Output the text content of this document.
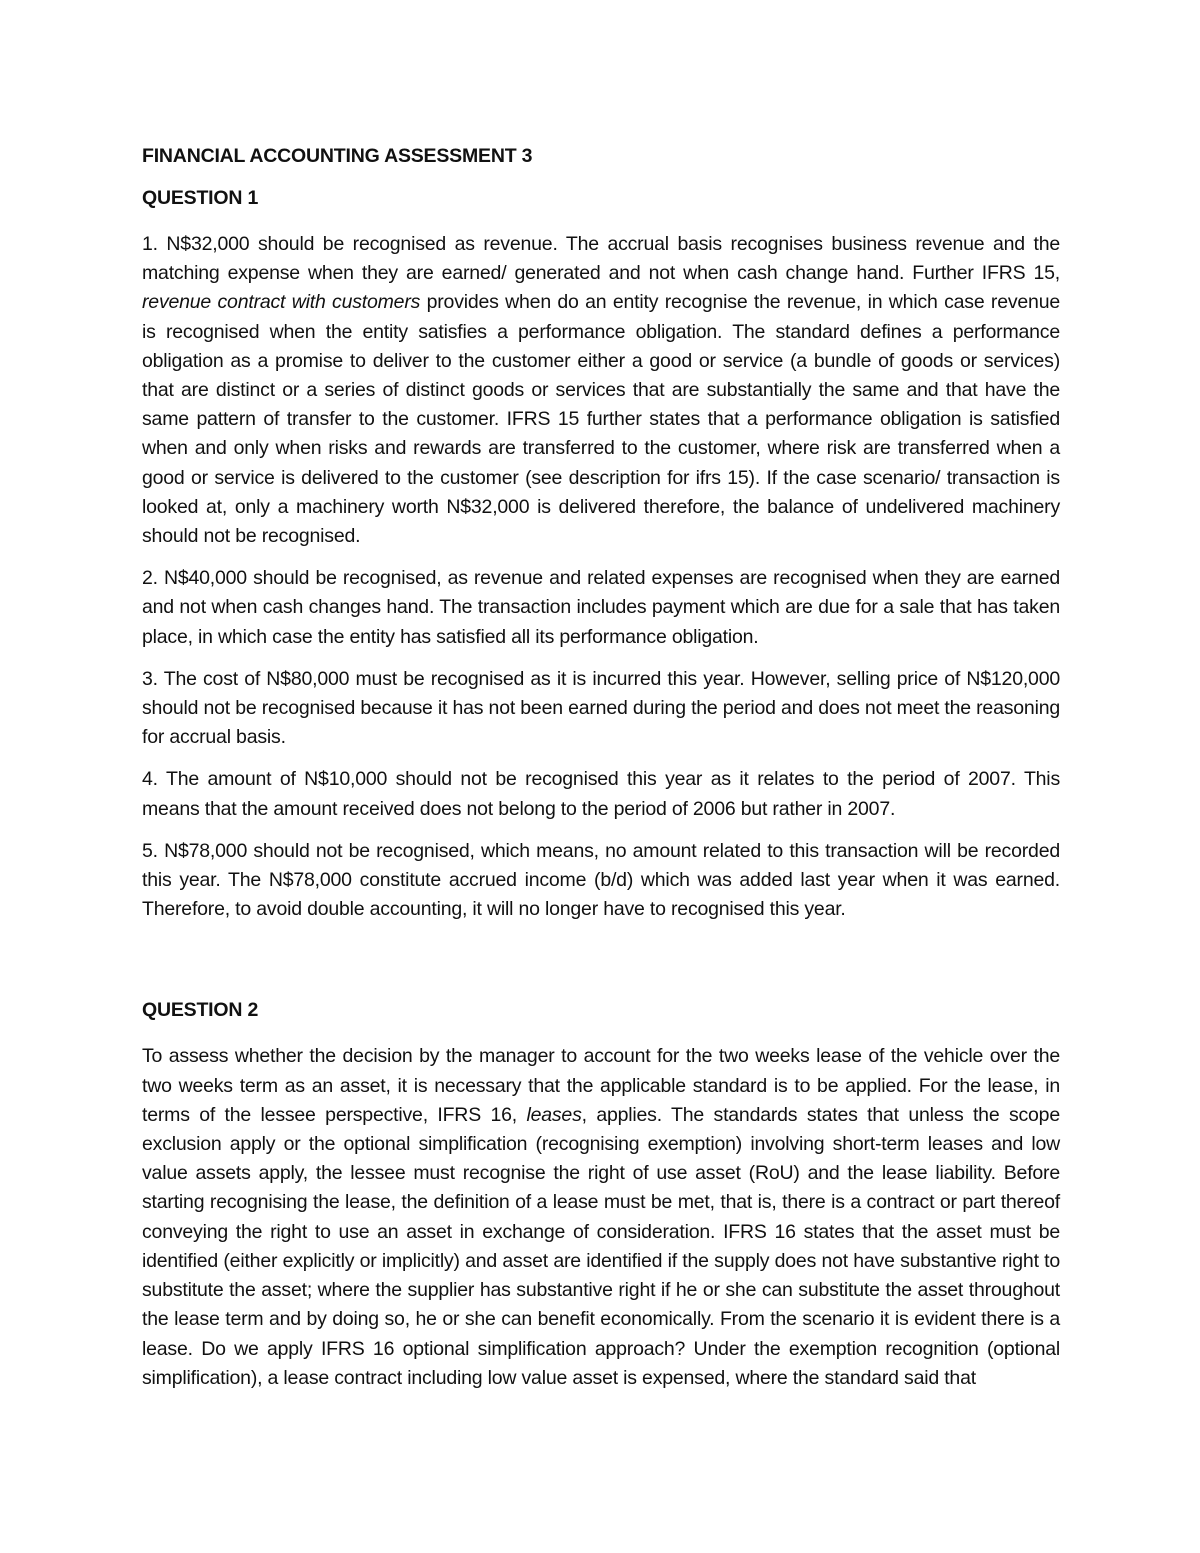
FINANCIAL ACCOUNTING ASSESSMENT 3
QUESTION 1

1. N$32,000 should be recognised as revenue. The accrual basis recognises business revenue and the matching expense when they are earned/ generated and not when cash change hand. Further IFRS 15, revenue contract with customers provides when do an entity recognise the revenue, in which case revenue is recognised when the entity satisfies a performance obligation. The standard defines a performance obligation as a promise to deliver to the customer either a good or service (a bundle of goods or services) that are distinct or a series of distinct goods or services that are substantially the same and that have the same pattern of transfer to the customer. IFRS 15 further states that a performance obligation is satisfied when and only when risks and rewards are transferred to the customer, where risk are transferred when a good or service is delivered to the customer (see description for ifrs 15). If the case scenario/ transaction is looked at, only a machinery worth N$32,000 is delivered therefore, the balance of undelivered machinery should not be recognised.

2. N$40,000 should be recognised, as revenue and related expenses are recognised when they are earned and not when cash changes hand. The transaction includes payment which are due for a sale that has taken place, in which case the entity has satisfied all its performance obligation.

3. The cost of N$80,000 must be recognised as it is incurred this year. However, selling price of N$120,000 should not be recognised because it has not been earned during the period and does not meet the reasoning for accrual basis.

4. The amount of N$10,000 should not be recognised this year as it relates to the period of 2007. This means that the amount received does not belong to the period of 2006 but rather in 2007.

5. N$78,000 should not be recognised, which means, no amount related to this transaction will be recorded this year. The N$78,000 constitute accrued income (b/d) which was added last year when it was earned. Therefore, to avoid double accounting, it will no longer have to recognised this year.

QUESTION 2

To assess whether the decision by the manager to account for the two weeks lease of the vehicle over the two weeks term as an asset, it is necessary that the applicable standard is to be applied. For the lease, in terms of the lessee perspective, IFRS 16, leases, applies. The standards states that unless the scope exclusion apply or the optional simplification (recognising exemption) involving short-term leases and low value assets apply, the lessee must recognise the right of use asset (RoU) and the lease liability. Before starting recognising the lease, the definition of a lease must be met, that is, there is a contract or part thereof conveying the right to use an asset in exchange of consideration. IFRS 16 states that the asset must be identified (either explicitly or implicitly) and asset are identified if the supply does not have substantive right to substitute the asset; where the supplier has substantive right if he or she can substitute the asset throughout the lease term and by doing so, he or she can benefit economically. From the scenario it is evident there is a lease. Do we apply IFRS 16 optional simplification approach? Under the exemption recognition (optional simplification), a lease contract including low value asset is expensed, where the standard said that
